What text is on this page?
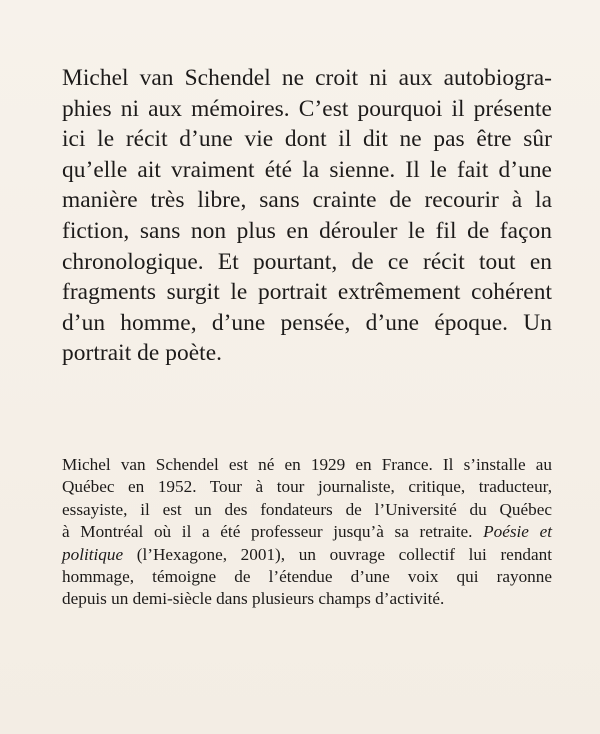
Michel van Schendel ne croit ni aux autobiogra-
phies ni aux mémoires. C’est pourquoi il présente
ici le récit d’une vie dont il dit ne pas être sûr
qu’elle ait vraiment été la sienne. Il le fait d’une
manière très libre, sans crainte de recourir à la
fiction, sans non plus en dérouler le fil de façon
chronologique. Et pourtant, de ce récit tout en
fragments surgit le portrait extrêmement cohérent
d’un homme, d’une pensée, d’une époque. Un
portrait de poète.
Michel van Schendel est né en 1929 en France. Il s’installe au
Québec en 1952. Tour à tour journaliste, critique, traducteur,
essayiste, il est un des fondateurs de l’Université du Québec
à Montréal où il a été professeur jusqu’à sa retraite. Poésie et
politique (l’Hexagone, 2001), un ouvrage collectif lui rendant
hommage, témoigne de l’étendue d’une voix qui rayonne
depuis un demi-siècle dans plusieurs champs d’activité.
